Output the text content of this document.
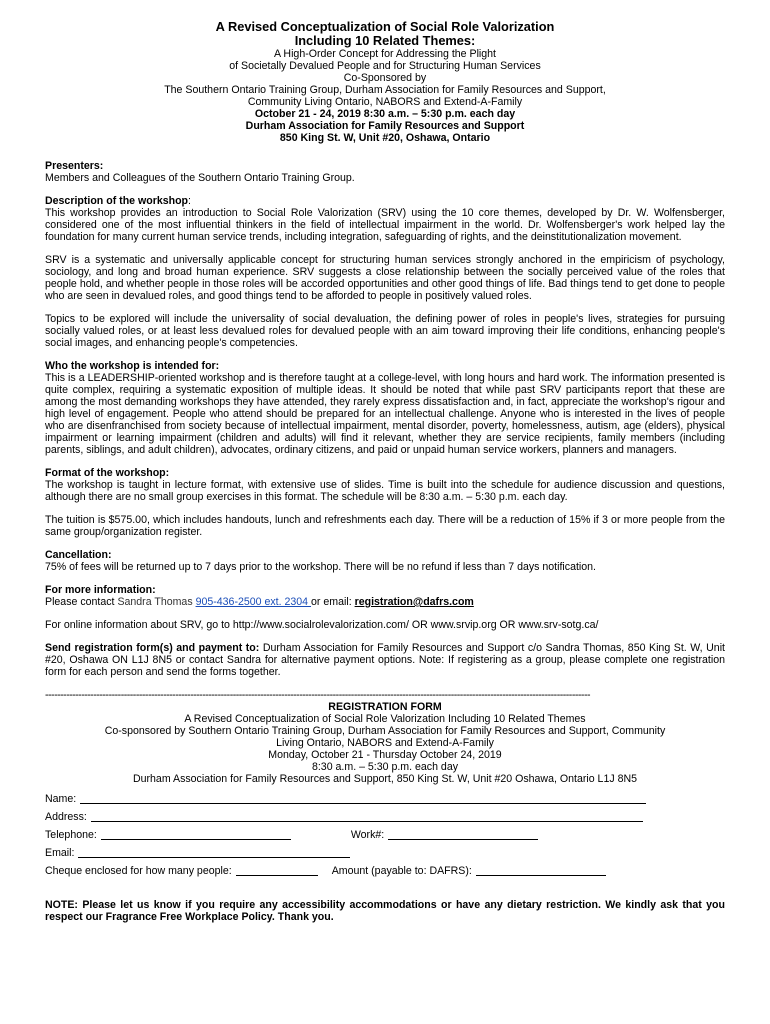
A Revised Conceptualization of Social Role Valorization
Including 10 Related Themes:
A High-Order Concept for Addressing the Plight
of Societally Devalued People and for Structuring Human Services
Co-Sponsored by
The Southern Ontario Training Group, Durham Association for Family Resources and Support,
Community Living Ontario, NABORS and Extend-A-Family
October 21 - 24, 2019 8:30 a.m. – 5:30 p.m. each day
Durham Association for Family Resources and Support
850 King St. W, Unit #20, Oshawa, Ontario
Presenters:
Members and Colleagues of the Southern Ontario Training Group.
Description of the workshop:
This workshop provides an introduction to Social Role Valorization (SRV) using the 10 core themes, developed by Dr. W. Wolfensberger, considered one of the most influential thinkers in the field of intellectual impairment in the world. Dr. Wolfensberger's work helped lay the foundation for many current human service trends, including integration, safeguarding of rights, and the deinstitutionalization movement.
SRV is a systematic and universally applicable concept for structuring human services strongly anchored in the empiricism of psychology, sociology, and long and broad human experience. SRV suggests a close relationship between the socially perceived value of the roles that people hold, and whether people in those roles will be accorded opportunities and other good things of life. Bad things tend to get done to people who are seen in devalued roles, and good things tend to be afforded to people in positively valued roles.
Topics to be explored will include the universality of social devaluation, the defining power of roles in people's lives, strategies for pursuing socially valued roles, or at least less devalued roles for devalued people with an aim toward improving their life conditions, enhancing people's social images, and enhancing people's competencies.
Who the workshop is intended for:
This is a LEADERSHIP-oriented workshop and is therefore taught at a college-level, with long hours and hard work. The information presented is quite complex, requiring a systematic exposition of multiple ideas. It should be noted that while past SRV participants report that these are among the most demanding workshops they have attended, they rarely express dissatisfaction and, in fact, appreciate the workshop's rigour and high level of engagement. People who attend should be prepared for an intellectual challenge. Anyone who is interested in the lives of people who are disenfranchised from society because of intellectual impairment, mental disorder, poverty, homelessness, autism, age (elders), physical impairment or learning impairment (children and adults) will find it relevant, whether they are service recipients, family members (including parents, siblings, and adult children), advocates, ordinary citizens, and paid or unpaid human service workers, planners and managers.
Format of the workshop:
The workshop is taught in lecture format, with extensive use of slides. Time is built into the schedule for audience discussion and questions, although there are no small group exercises in this format. The schedule will be 8:30 a.m. – 5:30 p.m. each day.
The tuition is $575.00, which includes handouts, lunch and refreshments each day. There will be a reduction of 15% if 3 or more people from the same group/organization register.
Cancellation:
75% of fees will be returned up to 7 days prior to the workshop. There will be no refund if less than 7 days notification.
For more information:
Please contact Sandra Thomas 905-436-2500 ext. 2304 or email: registration@dafrs.com
For online information about SRV, go to http://www.socialrolevalorization.com/ OR www.srvip.org OR www.srv-sotg.ca/
Send registration form(s) and payment to: Durham Association for Family Resources and Support c/o Sandra Thomas, 850 King St. W, Unit #20, Oshawa ON L1J 8N5 or contact Sandra for alternative payment options. Note: If registering as a group, please complete one registration form for each person and send the forms together.
------------------------------------------------------------------------------------------------------------------------------------------------------------------------------------
REGISTRATION FORM
A Revised Conceptualization of Social Role Valorization Including 10 Related Themes
Co-sponsored by Southern Ontario Training Group, Durham Association for Family Resources and Support, Community
Living Ontario, NABORS and Extend-A-Family
Monday, October 21 - Thursday October 24, 2019
8:30 a.m. – 5:30 p.m. each day
Durham Association for Family Resources and Support, 850 King St. W, Unit #20 Oshawa, Ontario L1J 8N5
Name:
Address:
Telephone:	Work#:
Email:
Cheque enclosed for how many people:	Amount (payable to: DAFRS):
NOTE: Please let us know if you require any accessibility accommodations or have any dietary restriction. We kindly ask that you respect our Fragrance Free Workplace Policy. Thank you.
